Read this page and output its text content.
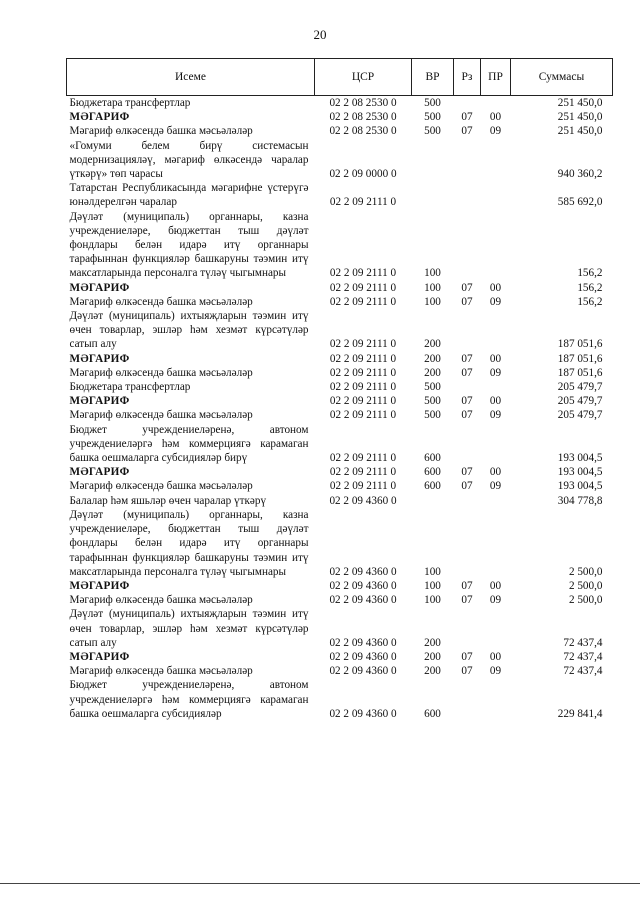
20
Исеме	ЦСР	ВР	Рз	ПР	Суммасы
Бюджетара трансфертлар	02 2 08 2530 0	500			251 450,0
МӘГАРИФ	02 2 08 2530 0	500	07	00	251 450,0
Мәгариф өлкәсендә башка мәсьәләләр	02 2 08 2530 0	500	07	09	251 450,0
«Гомуми белем бирү системасын модернизацияләү, мәгариф өлкәсендә чаралар үткәрү» төп чарасы	02 2 09 0000 0				940 360,2
Татарстан Республикасында мәгарифне үстерүгә юнәлдерелгән чаралар	02 2 09 2111 0				585 692,0
Дәүләт (муниципаль) органнары, казна учреждениеләре, бюджеттан тыш дәүләт фондлары белән идарә итү органнары тарафыннан функцияләр башкаруны тәэмин итү максатларында персоналга түләү чыгымнары	02 2 09 2111 0	100			156,2
МӘГАРИФ	02 2 09 2111 0	100	07	00	156,2
Мәгариф өлкәсендә башка мәсьәләләр	02 2 09 2111 0	100	07	09	156,2
Дәүләт (муниципаль) ихтыяҗларын тәэмин итү өчен товарлар, эшләр һәм хезмәт күрсәтүләр сатып алу	02 2 09 2111 0	200			187 051,6
МӘГАРИФ	02 2 09 2111 0	200	07	00	187 051,6
Мәгариф өлкәсендә башка мәсьәләләр	02 2 09 2111 0	200	07	09	187 051,6
Бюджетара трансфертлар	02 2 09 2111 0	500			205 479,7
МӘГАРИФ	02 2 09 2111 0	500	07	00	205 479,7
Мәгариф өлкәсендә башка мәсьәләләр	02 2 09 2111 0	500	07	09	205 479,7
Бюджет учреждениеләренә, автоном учреждениеләргә һәм коммерциягә карамаган башка оешмаларга субсидияләр бирү	02 2 09 2111 0	600			193 004,5
МӘГАРИФ	02 2 09 2111 0	600	07	00	193 004,5
Мәгариф өлкәсендә башка мәсьәләләр	02 2 09 2111 0	600	07	09	193 004,5
Балалар һәм яшьләр өчен чаралар үткәрү	02 2 09 4360 0				304 778,8
Дәүләт (муниципаль) органнары, казна учреждениеләре, бюджеттан тыш дәүләт фондлары белән идарә итү органнары тарафыннан функцияләр башкаруны тәэмин итү максатларында персоналга түләү чыгымнары	02 2 09 4360 0	100			2 500,0
МӘГАРИФ	02 2 09 4360 0	100	07	00	2 500,0
Мәгариф өлкәсендә башка мәсьәләләр	02 2 09 4360 0	100	07	09	2 500,0
Дәүләт (муниципаль) ихтыяҗларын тәэмин итү өчен товарлар, эшләр һәм хезмәт күрсәтүләр сатып алу	02 2 09 4360 0	200			72 437,4
МӘГАРИФ	02 2 09 4360 0	200	07	00	72 437,4
Мәгариф өлкәсендә башка мәсьәләләр	02 2 09 4360 0	200	07	09	72 437,4
Бюджет учреждениеләренә, автоном учреждениеләргә һәм коммерциягә карамаган башка оешмаларга субсидияләр	02 2 09 4360 0	600			229 841,4
